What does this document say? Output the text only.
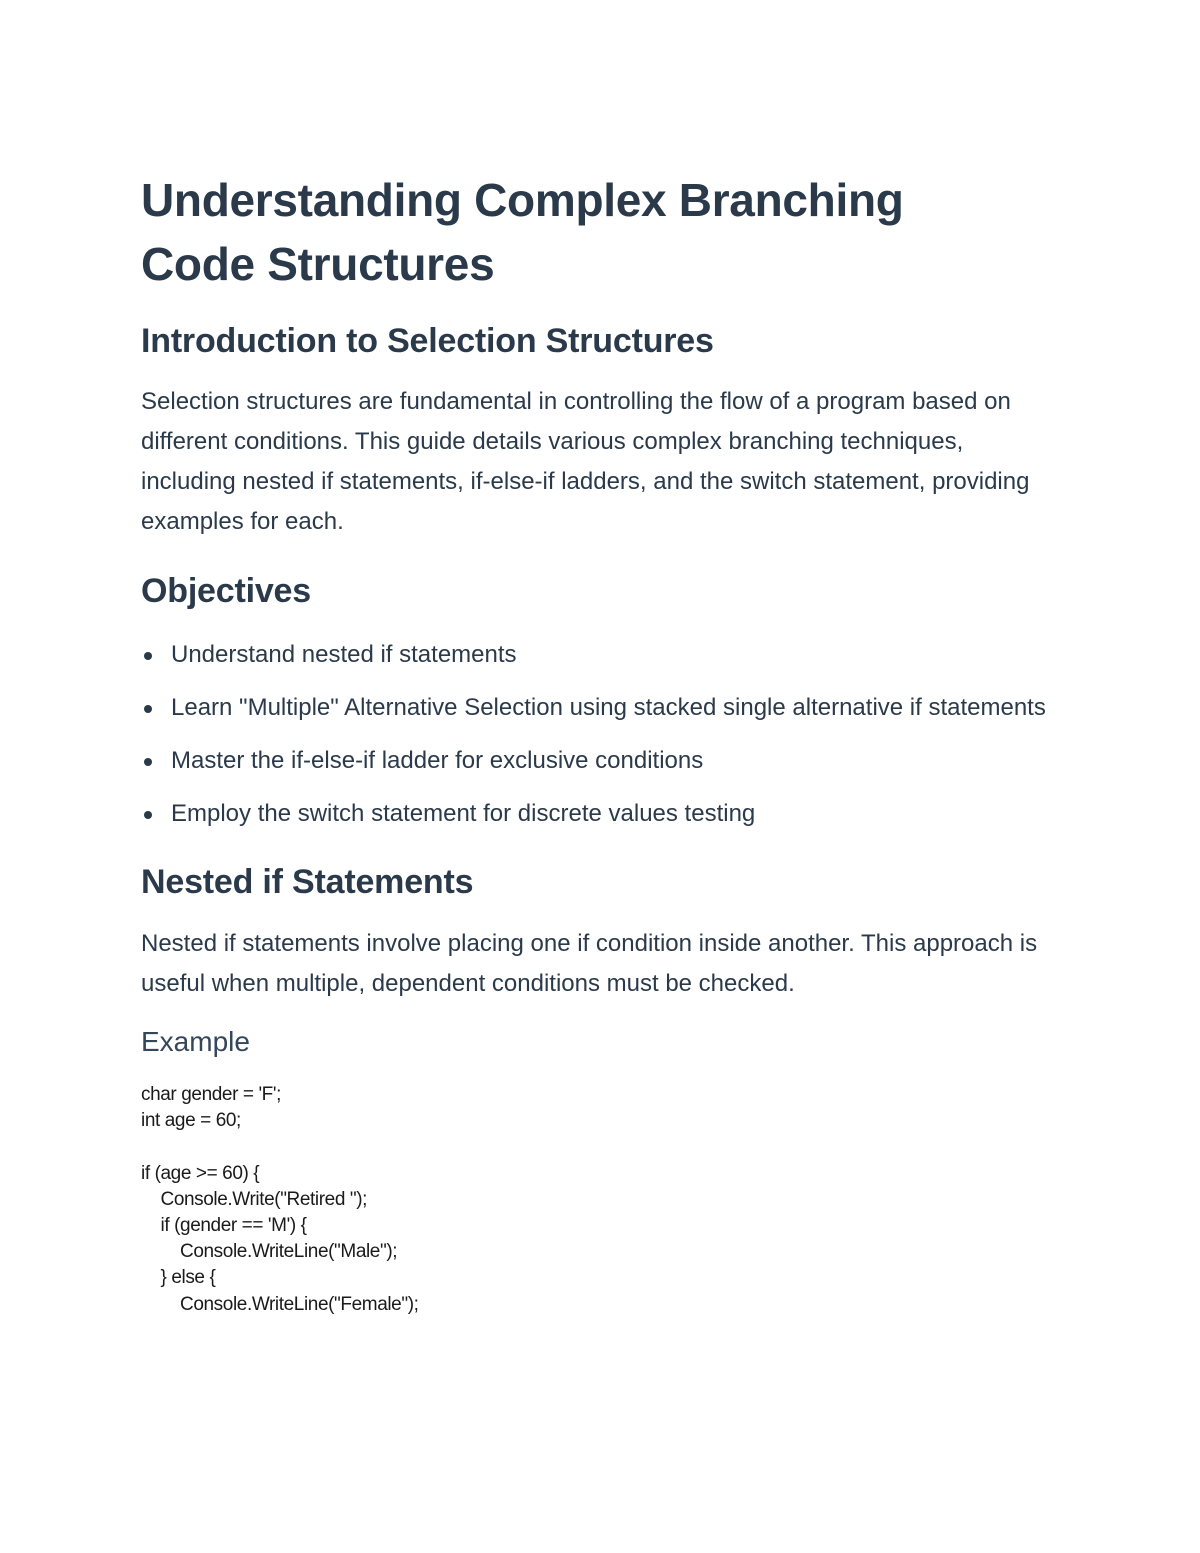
Understanding Complex Branching Code Structures
Introduction to Selection Structures

Selection structures are fundamental in controlling the flow of a program based on different conditions. This guide details various complex branching techniques, including nested if statements, if-else-if ladders, and the switch statement, providing examples for each.

Objectives
Understand nested if statements
Learn "Multiple" Alternative Selection using stacked single alternative if statements
Master the if-else-if ladder for exclusive conditions
Employ the switch statement for discrete values testing
Nested if Statements

Nested if statements involve placing one if condition inside another. This approach is useful when multiple, dependent conditions must be checked.

Example
char gender = 'F';
int age = 60;
if (age >= 60) {
Console.Write("Retired ");
if (gender == 'M') {
Console.WriteLine("Male");
} else {
Console.WriteLine("Female");
